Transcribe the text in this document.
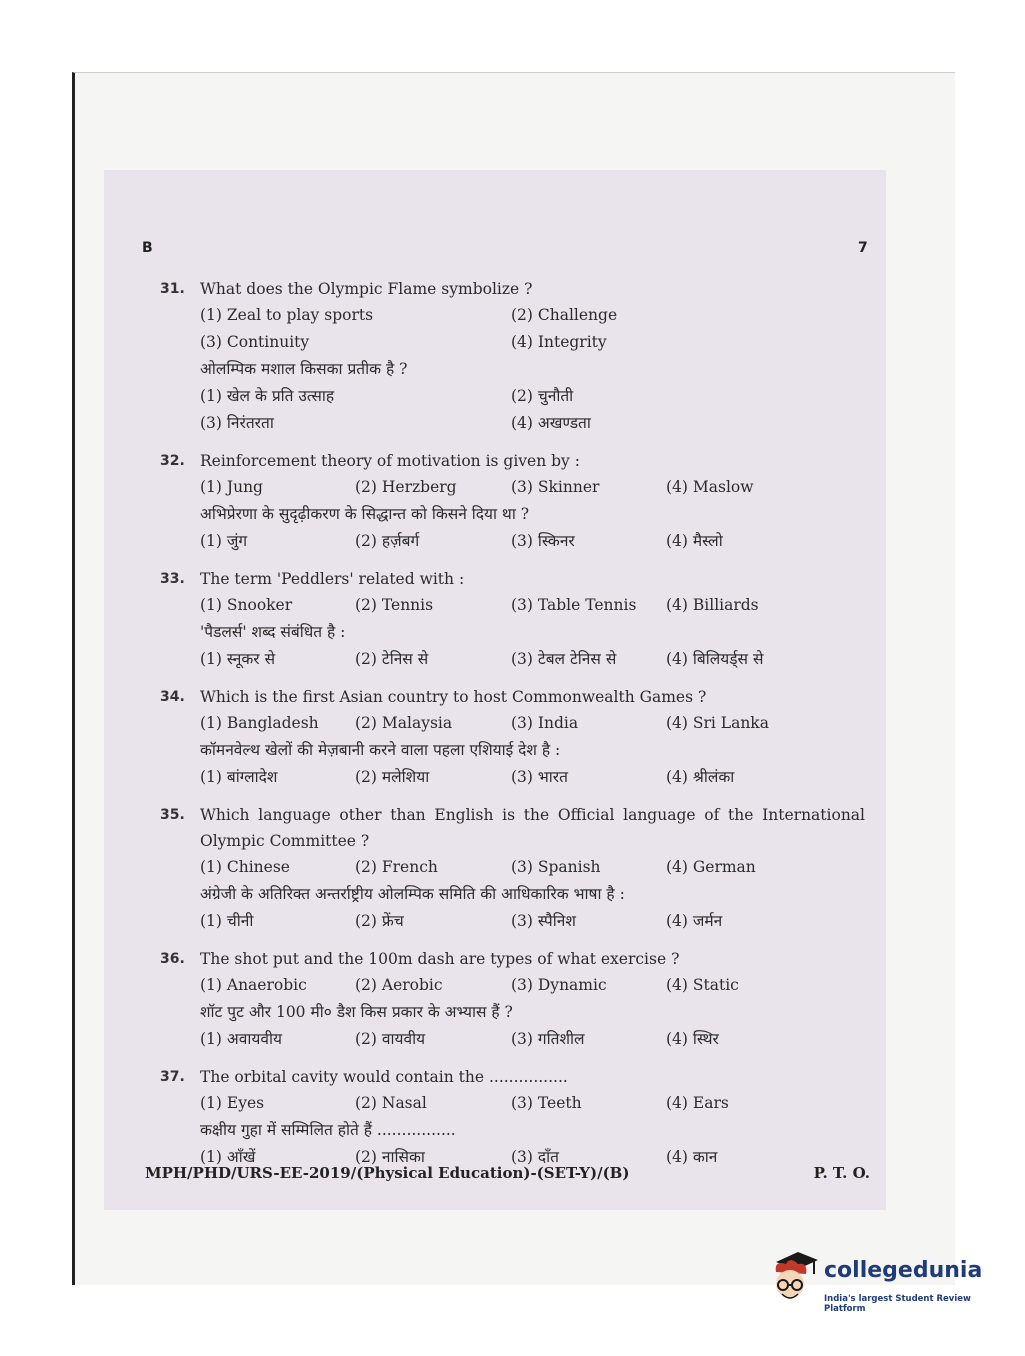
B	7
31. What does the Olympic Flame symbolize ?
(1) Zeal to play sports	(2) Challenge
(3) Continuity	(4) Integrity
ओलम्पिक मशाल किसका प्रतीक है ?
(1) खेल के प्रति उत्साह	(2) चुनौती
(3) निरंतरता	(4) अखण्डता
32. Reinforcement theory of motivation is given by :
(1) Jung	(2) Herzberg	(3) Skinner	(4) Maslow
अभिप्रेरणा के सुदृढ़ीकरण के सिद्धान्त को किसने दिया था ?
(1) जुंग	(2) हर्ज़बर्ग	(3) स्किनर	(4) मैस्लो
33. The term 'Peddlers' related with :
(1) Snooker	(2) Tennis	(3) Table Tennis	(4) Billiards
'पैडलर्स' शब्द संबंधित है :
(1) स्नूकर से	(2) टेनिस से	(3) टेबल टेनिस से	(4) बिलियर्ड्स से
34. Which is the first Asian country to host Commonwealth Games ?
(1) Bangladesh	(2) Malaysia	(3) India	(4) Sri Lanka
कॉमनवेल्थ खेलों की मेज़बानी करने वाला पहला एशियाई देश है :
(1) बांग्लादेश	(2) मलेशिया	(3) भारत	(4) श्रीलंका
35. Which language other than English is the Official language of the International Olympic Committee ?
(1) Chinese	(2) French	(3) Spanish	(4) German
अंग्रेजी के अतिरिक्त अन्तर्राष्ट्रीय ओलम्पिक समिति की आधिकारिक भाषा है :
(1) चीनी	(2) फ्रेंच	(3) स्पैनिश	(4) जर्मन
36. The shot put and the 100m dash are types of what exercise ?
(1) Anaerobic	(2) Aerobic	(3) Dynamic	(4) Static
शॉट पुट और 100 मी० डैश किस प्रकार के अभ्यास हैं ?
(1) अवायवीय	(2) वायवीय	(3) गतिशील	(4) स्थिर
37. The orbital cavity would contain the ................
(1) Eyes	(2) Nasal	(3) Teeth	(4) Ears
कक्षीय गुहा में सम्मिलित होते हैं ................
(1) आँखें	(2) नासिका	(3) दाँत	(4) कान
MPH/PHD/URS-EE-2019/(Physical Education)-(SET-Y)/(B)	P. T. O.
collegedunia
India's largest Student Review Platform
